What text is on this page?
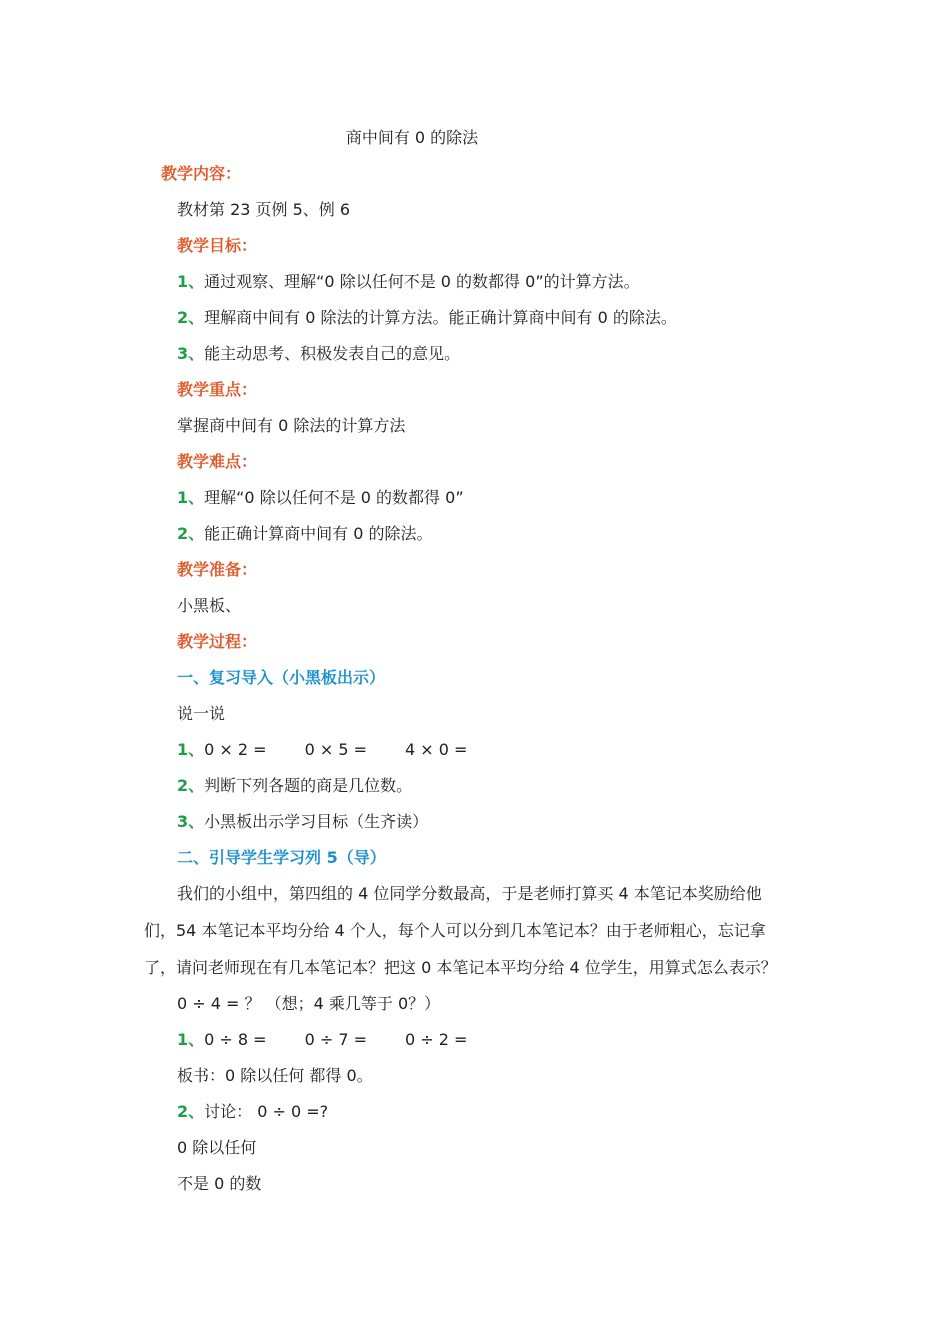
商中间有 0 的除法
教学内容：
教材第 23 页例 5、例 6
教学目标：
1、通过观察、理解“0 除以任何不是 0 的数都得 0”的计算方法。
2、理解商中间有 0 除法的计算方法。能正确计算商中间有 0 的除法。
3、能主动思考、积极发表自己的意见。
教学重点：
掌握商中间有 0 除法的计算方法
教学难点：
1、理解“0 除以任何不是 0 的数都得 0”
2、能正确计算商中间有 0 的除法。
教学准备：
小黑板、
教学过程：
一、复习导入（小黑板出示）
说一说
1、0 × 2 = 0 × 5 = 4 × 0 =
2、判断下列各题的商是几位数。
3、小黑板出示学习目标（生齐读）
二、引导学生学习列 5（导）
我们的小组中，第四组的 4 位同学分数最高，于是老师打算买 4 本笔记本奖励给他
们，54 本笔记本平均分给 4 个人，每个人可以分到几本笔记本？由于老师粗心，忘记拿
了，请问老师现在有几本笔记本？把这 0 本笔记本平均分给 4 位学生，用算式怎么表示？
0 ÷ 4 = ？ （想；4 乘几等于 0？）
1、0 ÷ 8 = 0 ÷ 7 = 0 ÷ 2 =
板书：0 除以任何 都得 0。
2、讨论： 0 ÷ 0 =?
0 除以任何
不是 0 的数
